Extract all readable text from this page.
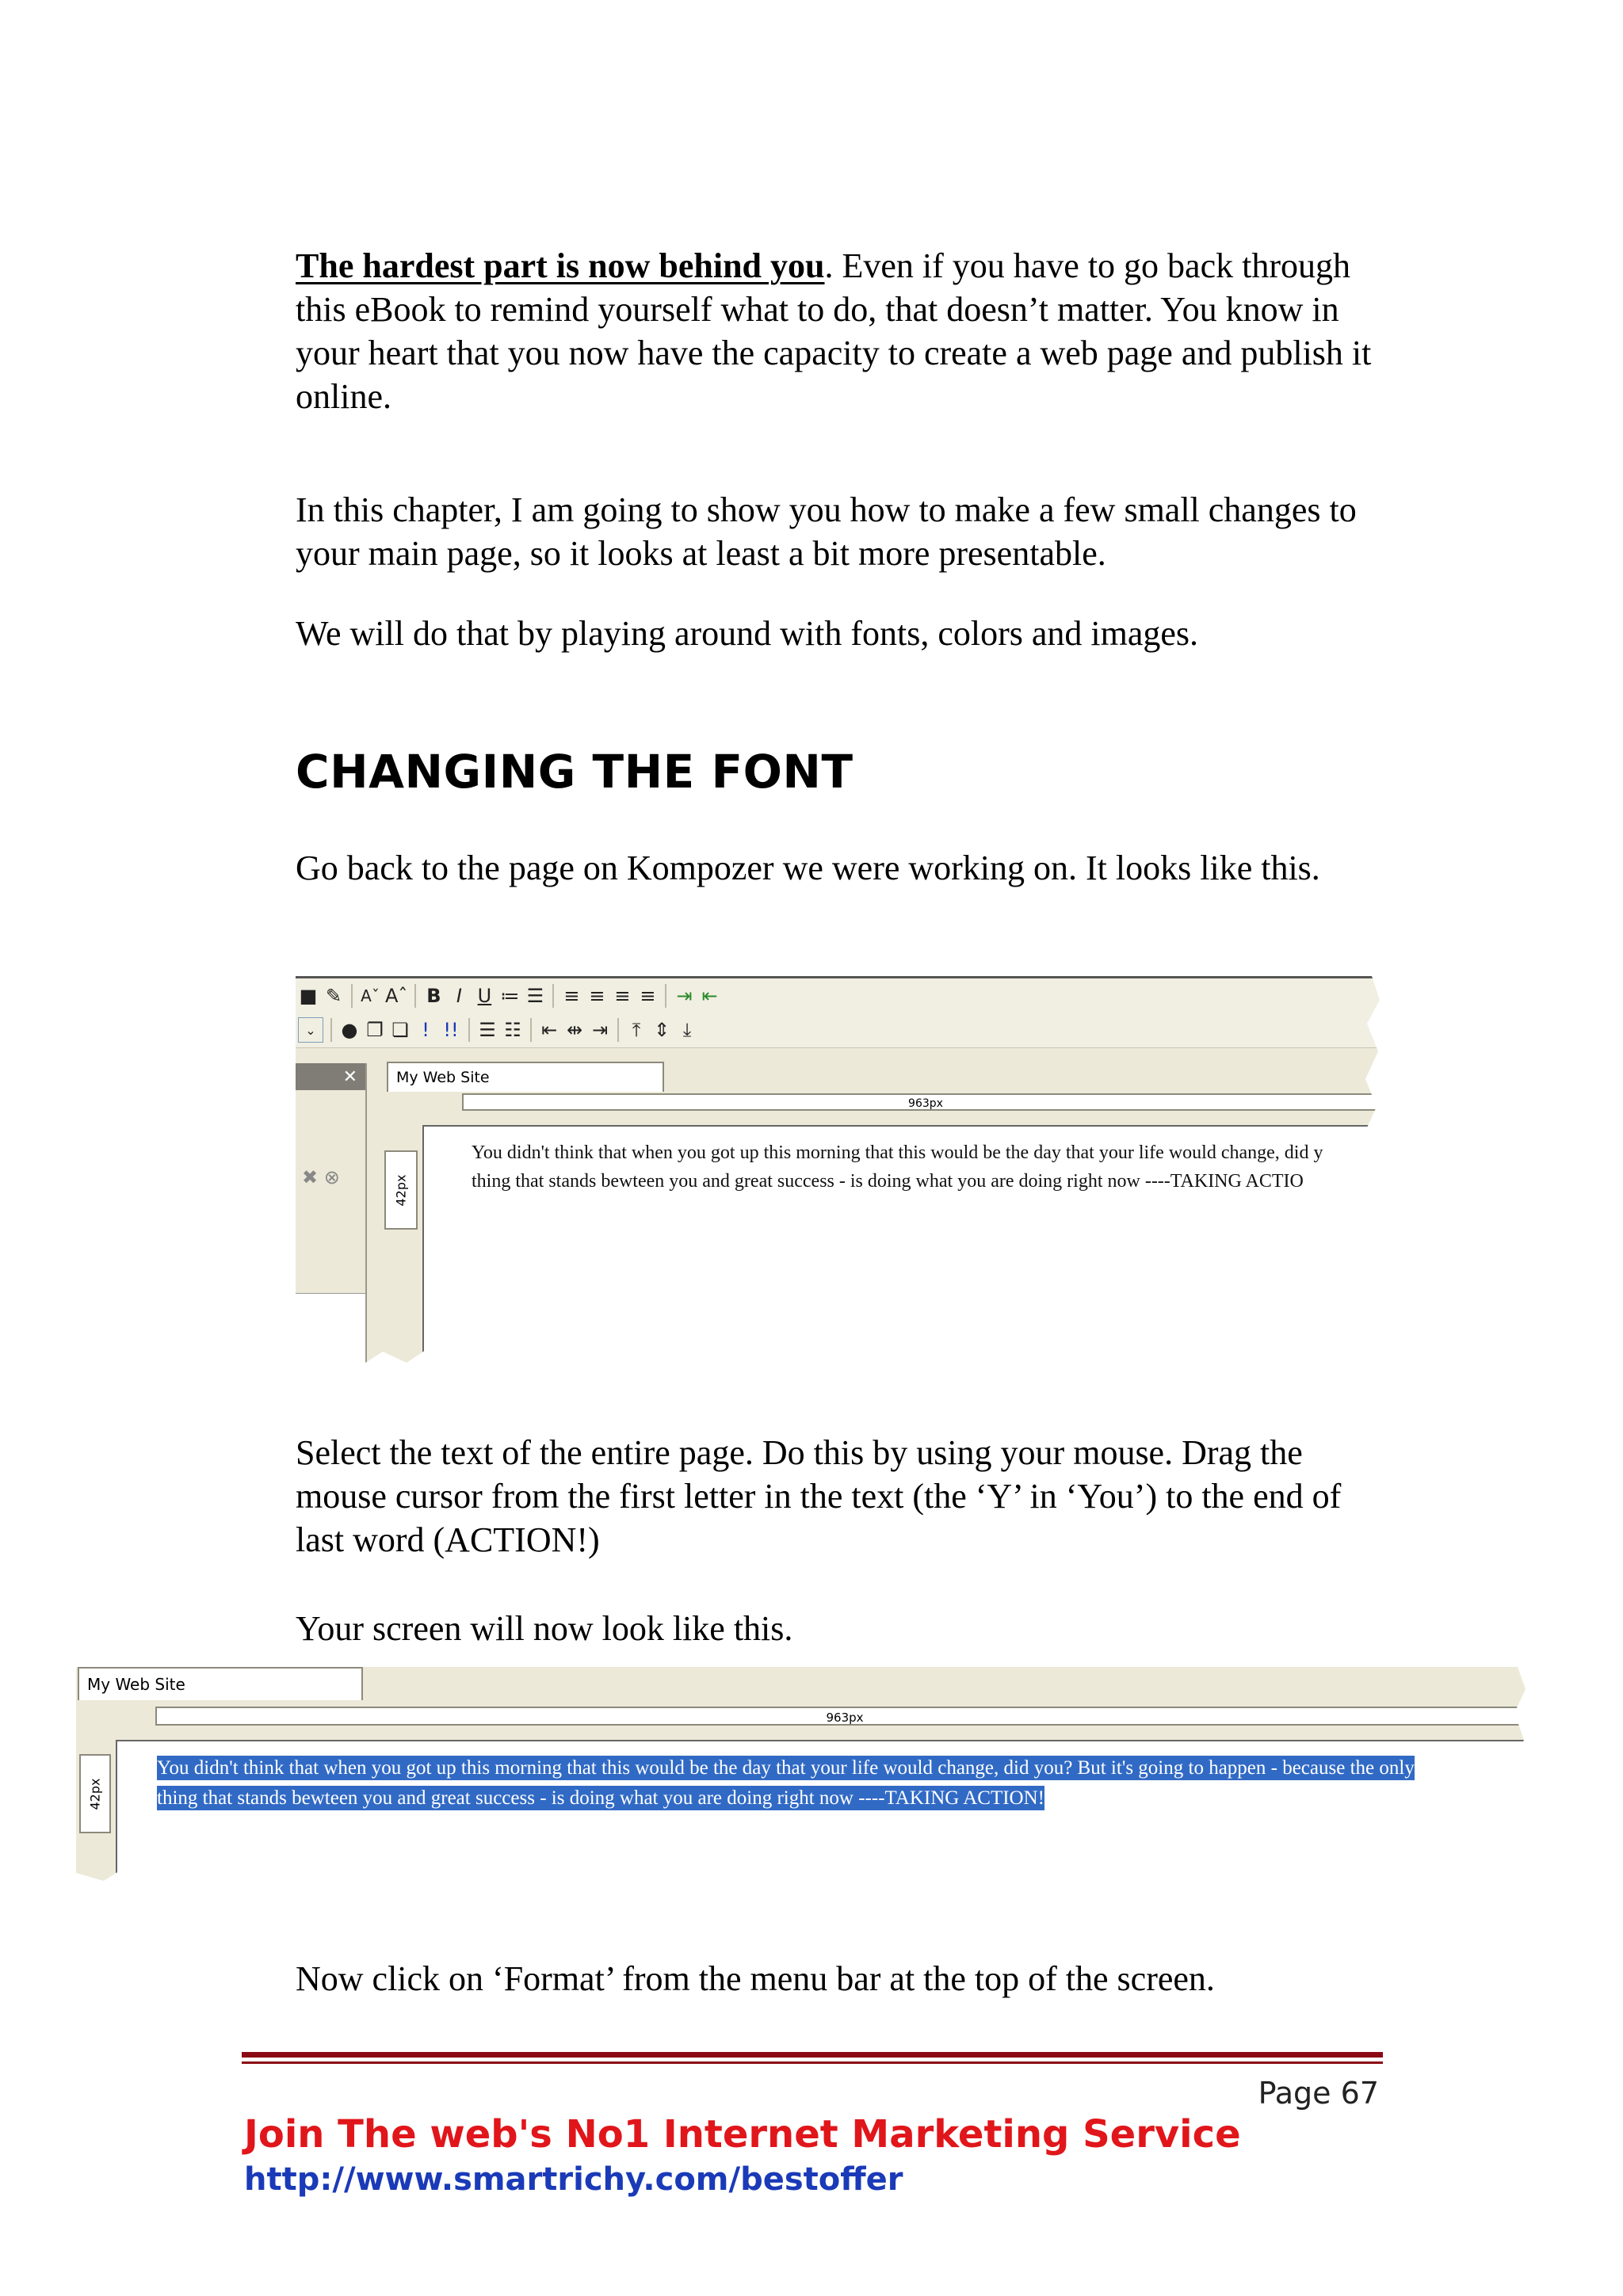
The hardest part is now behind you. Even if you have to go back through this eBook to remind yourself what to do, that doesn’t matter. You know in your heart that you now have the capacity to create a web page and publish it online.

In this chapter, I am going to show you how to make a few small changes to your main page, so it looks at least a bit more presentable.

We will do that by playing around with fonts, colors and images.

CHANGING THE FONT

Go back to the page on Kompozer we were working on. It looks like this.

■ ✎ Aˇ Aˆ B I U ≔ ☰ ≡ ≡ ≡ ≡ ⇥ ⇤
⌄	● ❐ ❏ ! !! ☰ ☷ ⇤ ⇹ ⇥	⤒ ⇕ ⤓
✕
✖ ⊗
My Web Site
963px

You didn't think that when you got up this morning that this would be the day that your life would change, did y

thing that stands bewteen you and great success - is doing what you are doing right now ----TAKING ACTIO

42px

Select the text of the entire page. Do this by using your mouse. Drag the mouse cursor from the first letter in the text (the ‘Y’ in ‘You’) to the end of last word (ACTION!)

Your screen will now look like this.

My Web Site
963px

You didn't think that when you got up this morning that this would be the day that your life would change, did you? But it's going to happen - because the only

thing that stands bewteen you and great success - is doing what you are doing right now ----TAKING ACTION!

42px

Now click on ‘Format’ from the menu bar at the top of the screen.

Page 67
Join The web's No1 Internet Marketing Service
http://www.smartrichy.com/bestoffer
